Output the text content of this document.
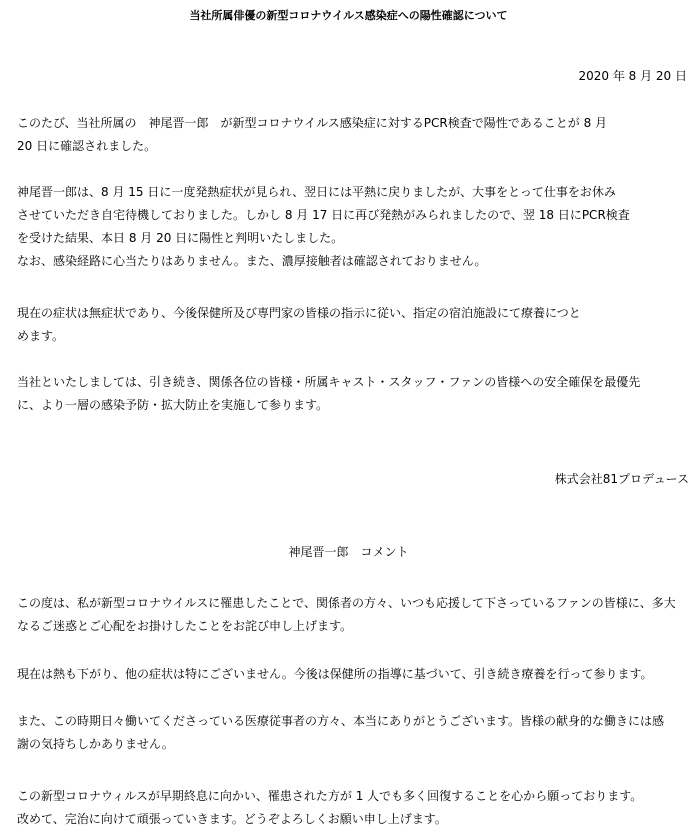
当社所属俳優の新型コロナウイルス感染症への陽性確認について
2020 年 8 月 20 日
このたび、当社所属の　神尾晋一郎　が新型コロナウイルス感染症に対するPCR検査で陽性であることが 8 月
20 日に確認されました。
神尾晋一郎は、8 月 15 日に一度発熱症状が見られ、翌日には平熱に戻りましたが、大事をとって仕事をお休み
させていただき自宅待機しておりました。しかし 8 月 17 日に再び発熱がみられましたので、翌 18 日にPCR検査
を受けた結果、本日 8 月 20 日に陽性と判明いたしました。
なお、感染経路に心当たりはありません。また、濃厚接触者は確認されておりません。
現在の症状は無症状であり、今後保健所及び専門家の皆様の指示に従い、指定の宿泊施設にて療養につと
めます。
当社といたしましては、引き続き、関係各位の皆様・所属キャスト・スタッフ・ファンの皆様への安全確保を最優先
に、より一層の感染予防・拡大防止を実施して参ります。
株式会社81プロデュース
神尾晋一郎　コメント
この度は、私が新型コロナウイルスに罹患したことで、関係者の方々、いつも応援して下さっているファンの皆様に、多大
なるご迷惑とご心配をお掛けしたことをお詫び申し上げます。
現在は熱も下がり、他の症状は特にございません。今後は保健所の指導に基づいて、引き続き療養を行って参ります。
また、この時期日々働いてくださっている医療従事者の方々、本当にありがとうございます。皆様の献身的な働きには感
謝の気持ちしかありません。
この新型コロナウィルスが早期終息に向かい、罹患された方が 1 人でも多く回復することを心から願っております。
改めて、完治に向けて頑張っていきます。どうぞよろしくお願い申し上げます。
